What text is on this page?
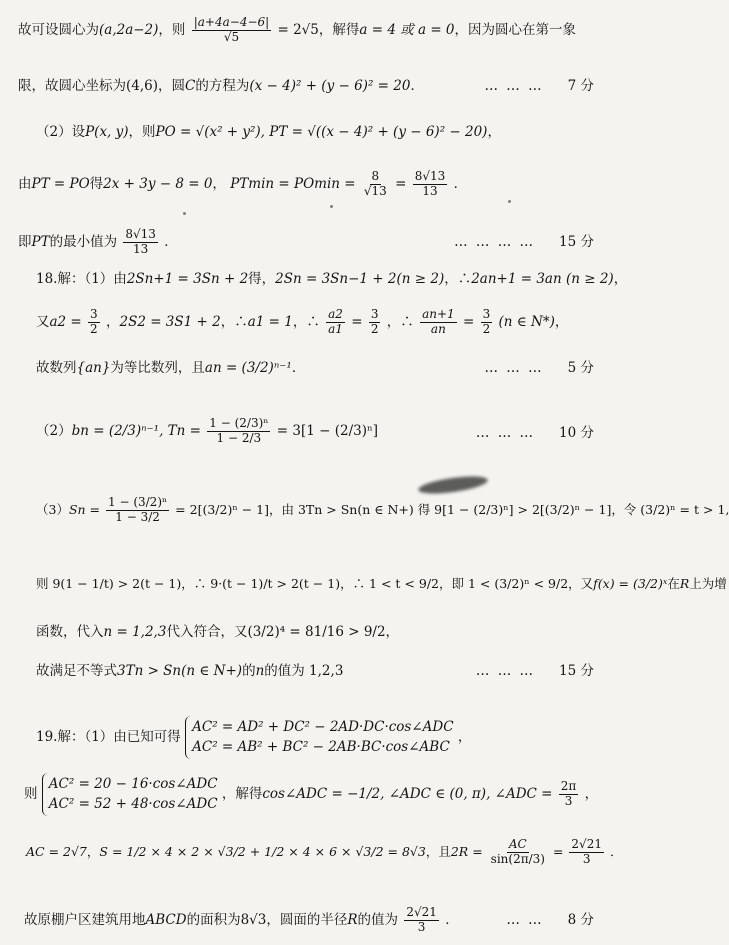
故可设圆心为(a,2a−2)，则 $\frac{|a+4a-4-6|}{√5} = 2√5$，解得a = 4 或 a = 0，因为圆心在第一象
限，故圆心坐标为(4,6)，圆C的方程为(x − 4)² + (y − 6)² = 20．	… … … 7 分
（2）设P(x, y)，则PO = √(x² + y²), PT = √((x − 4)² + (y − 6)² − 20)，
由PT = PO得2x + 3y − 8 = 0， $PTmin = POmin = \frac{8}{√13} = \frac{8√13}{13}$ ．
即PT的最小值为 $\frac{8√13}{13}$ ．	… … … … 15 分
18.解：（1）由2Sn+1 = 3Sn + 2得，2Sn = 3Sn−1 + 2(n ≥ 2)，∴2an+1 = 3an (n ≥ 2)，
又$a2 = \frac{3}{2}$ ，2S2 = 3S1 + 2，∴a1 = 1，∴ $\frac{a2}{a1} = \frac{3}{2}$ ，∴ $\frac{an+1}{an} = \frac{3}{2} (n$ ∈ N*)，
故数列{an}为等比数列，且an = (3/2)ⁿ⁻¹．	… … … 5 分
（2）bn = (2/3)ⁿ⁻¹, $Tn = \frac{\text{1 − (2/3)ⁿ}}{1 - 2/3} = 3[1 - (2/3)^n]$	… … … 10 分
$(3)Sn = \frac{\text{1 − (3/2)ⁿ}}{1 - 3/2} = 2[(3/2)^n - 1]$，由 3Tn > Sn(n ∈ N+) 得 9[1 − (2/3)ⁿ] > 2[(3/2)ⁿ − 1]，令 (3/2)ⁿ = t > 1,
则 9(1 − 1/t) > 2(t − 1)，∴ 9·(t − 1)/t > 2(t − 1)，∴ 1 < t < 9/2，即 1 < (3/2)ⁿ < 9/2，又f(x) = (3/2)ˣ在R上为增
函数，代入n = 1,2,3代入符合，又(3/2)⁴ = 81/16 > 9/2，
故满足不等式3Tn > Sn(n ∈ N+)的n的值为 1,2,3	… … … 15 分
19.解：（1）由已知可得 AC² = AD² + DC² − 2AD·DC·cos∠ADC
AC² = AB² + BC² − 2AB·BC·cos∠ABC ，
则 AC² = 20 − 16·cos∠ADC
AC² = 52 + 48·cos∠ADC ，解得cos∠ADC = −1/2, ∠ADC ∈ (0, π), ∠ADC = $\frac{2\pi}{3}$ ，
AC = 2√7，S = 1/2 × 4 × 2 × √3/2 + 1/2 × 4 × 6 × √3/2 = 8√3，且$2R = \frac{AC}{\sin(2\pi/3)} = \frac{2√21}{3}$ ．
故原棚户区建筑用地ABCD的面积为8√3，圆面的半径R的值为 $\frac{2√21}{3}$ ．	… … 8 分
